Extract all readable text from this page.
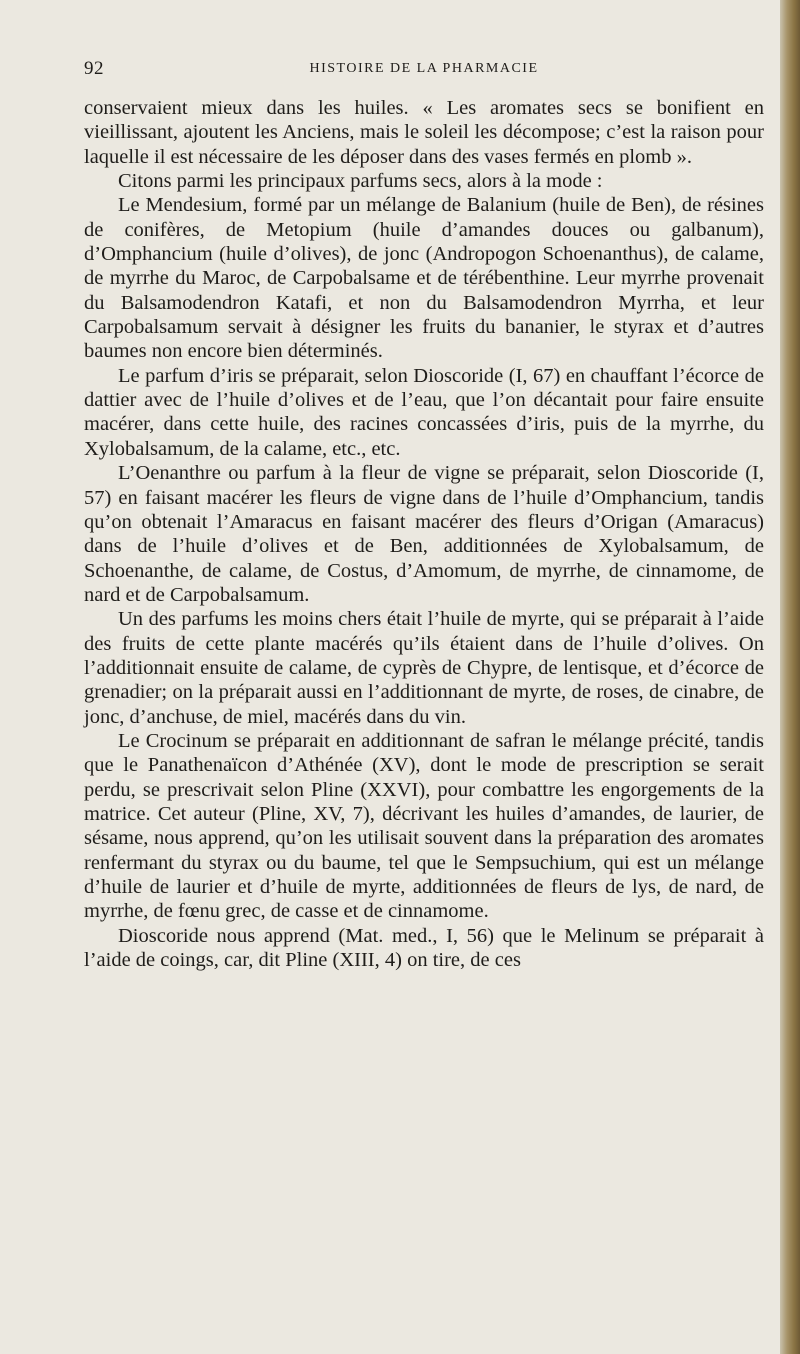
92	HISTOIRE DE LA PHARMACIE

conservaient mieux dans les huiles. « Les aromates secs se bonifient en vieillissant, ajoutent les Anciens, mais le soleil les décompose; c’est la raison pour laquelle il est nécessaire de les déposer dans des vases fermés en plomb ».

Citons parmi les principaux parfums secs, alors à la mode :

Le Mendesium, formé par un mélange de Balanium (huile de Ben), de résines de conifères, de Metopium (huile d’amandes douces ou galbanum), d’Omphancium (huile d’olives), de jonc (Andropogon Schoenanthus), de calame, de myrrhe du Maroc, de Carpobalsame et de térébenthine. Leur myrrhe provenait du Balsamodendron Katafi, et non du Balsamodendron Myrrha, et leur Carpobalsamum servait à désigner les fruits du bananier, le styrax et d’autres baumes non encore bien déterminés.

Le parfum d’iris se préparait, selon Dioscoride (I, 67) en chauffant l’écorce de dattier avec de l’huile d’olives et de l’eau, que l’on décantait pour faire ensuite macérer, dans cette huile, des racines concassées d’iris, puis de la myrrhe, du Xylobalsamum, de la calame, etc., etc.

L’Oenanthre ou parfum à la fleur de vigne se préparait, selon Dioscoride (I, 57) en faisant macérer les fleurs de vigne dans de l’huile d’Omphancium, tandis qu’on obtenait l’Amaracus en faisant macérer des fleurs d’Origan (Amaracus) dans de l’huile d’olives et de Ben, additionnées de Xylobalsamum, de Schoenanthe, de calame, de Costus, d’Amomum, de myrrhe, de cinnamome, de nard et de Carpobalsamum.

Un des parfums les moins chers était l’huile de myrte, qui se préparait à l’aide des fruits de cette plante macérés qu’ils étaient dans de l’huile d’olives. On l’additionnait ensuite de calame, de cyprès de Chypre, de lentisque, et d’écorce de grenadier; on la préparait aussi en l’additionnant de myrte, de roses, de cinabre, de jonc, d’anchuse, de miel, macérés dans du vin.

Le Crocinum se préparait en additionnant de safran le mélange précité, tandis que le Panathenaïcon d’Athénée (XV), dont le mode de prescription se serait perdu, se prescrivait selon Pline (XXVI), pour combattre les engorgements de la matrice. Cet auteur (Pline, XV, 7), décrivant les huiles d’amandes, de laurier, de sésame, nous apprend, qu’on les utilisait souvent dans la préparation des aromates renfermant du styrax ou du baume, tel que le Sempsuchium, qui est un mélange d’huile de laurier et d’huile de myrte, additionnées de fleurs de lys, de nard, de myrrhe, de fœnu grec, de casse et de cinnamome.

Dioscoride nous apprend (Mat. med., I, 56) que le Melinum se préparait à l’aide de coings, car, dit Pline (XIII, 4) on tire, de ces
